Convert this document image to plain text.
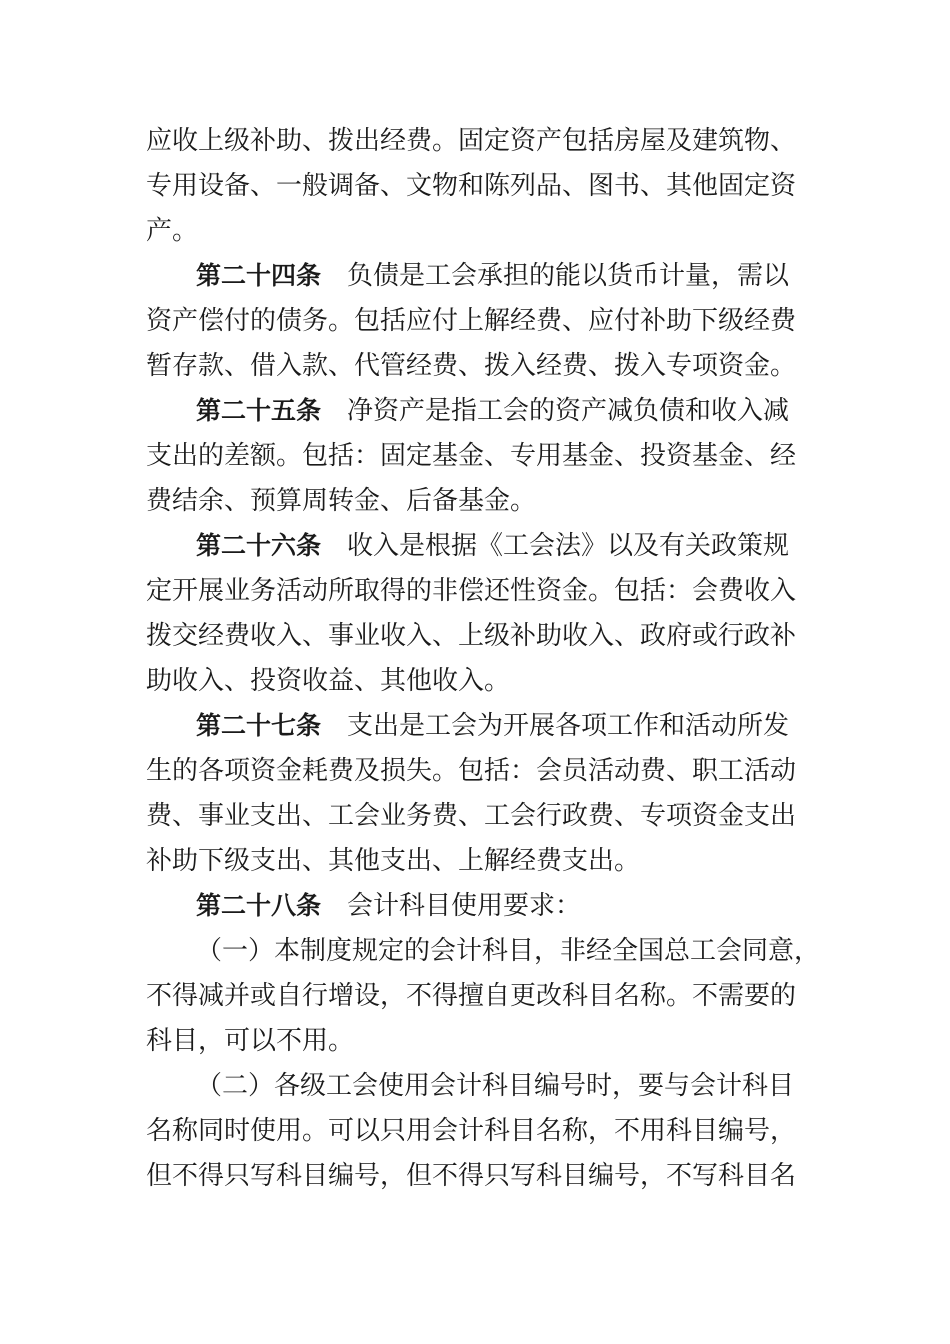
应收上级补助、拨出经费。固定资产包括房屋及建筑物、
专用设备、一般调备、文物和陈列品、图书、其他固定资
产。
第二十四条 负债是工会承担的能以货币计量，需以
资产偿付的债务。包括应付上解经费、应付补助下级经费
暂存款、借入款、代管经费、拨入经费、拨入专项资金。
第二十五条 净资产是指工会的资产减负债和收入减
支出的差额。包括：固定基金、专用基金、投资基金、经
费结余、预算周转金、后备基金。
第二十六条 收入是根据《工会法》以及有关政策规
定开展业务活动所取得的非偿还性资金。包括：会费收入
拨交经费收入、事业收入、上级补助收入、政府或行政补
助收入、投资收益、其他收入。
第二十七条 支出是工会为开展各项工作和活动所发
生的各项资金耗费及损失。包括：会员活动费、职工活动
费、事业支出、工会业务费、工会行政费、专项资金支出
补助下级支出、其他支出、上解经费支出。
第二十八条 会计科目使用要求：
（一）本制度规定的会计科目，非经全国总工会同意，
不得减并或自行增设，不得擅自更改科目名称。不需要的
科目，可以不用。
（二）各级工会使用会计科目编号时，要与会计科目
名称同时使用。可以只用会计科目名称，不用科目编号，
但不得只写科目编号，但不得只写科目编号，不写科目名
